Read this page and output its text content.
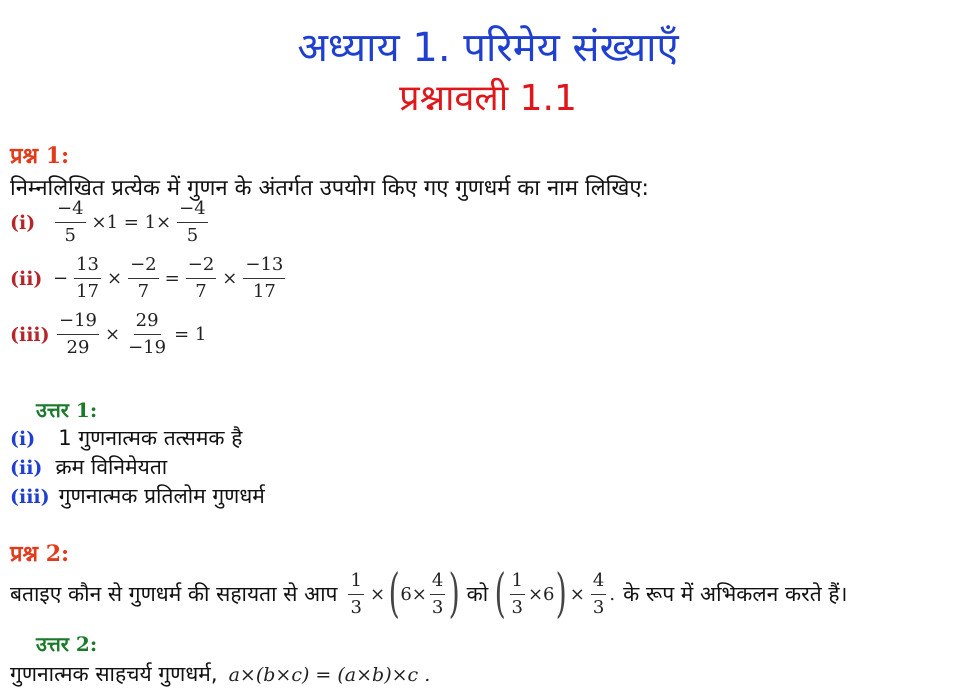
अध्याय 1. परिमेय संख्याएँ
प्रश्नावली 1.1
प्रश्न 1:
निम्नलिखित प्रत्येक में गुणन के अंतर्गत उपयोग किए गए गुणधर्म का नाम लिखिए:
$(i) \frac{-4}{5} \times 1 = 1\times \frac{-4}{5}$
$(ii) - \frac{13}{17} \times \frac{-2}{7} = \frac{-2}{7} \times \frac{-13}{17}$
$(iii) \frac{-19}{29} \times \frac{29}{-19} = 1$
उत्तर 1:
(i) 1 गुणनात्मक तत्समक है
(ii) क्रम विनिमेयता
(iii) गुणनात्मक प्रतिलोम गुणधर्म
प्रश्न 2:
बताइए कौन से गुणधर्म की सहायता से आप $\frac{1}{3}$ × ( $6\times \frac{4}{3}$ ) को ( $\frac{1}{3} \times 6$ ) × $\frac{4}{3}$ . के रूप में अभिकलन करते हैं।
उत्तर 2:
गुणनात्मक साहचर्य गुणधर्म, a×(b×c) = (a×b)×c .
